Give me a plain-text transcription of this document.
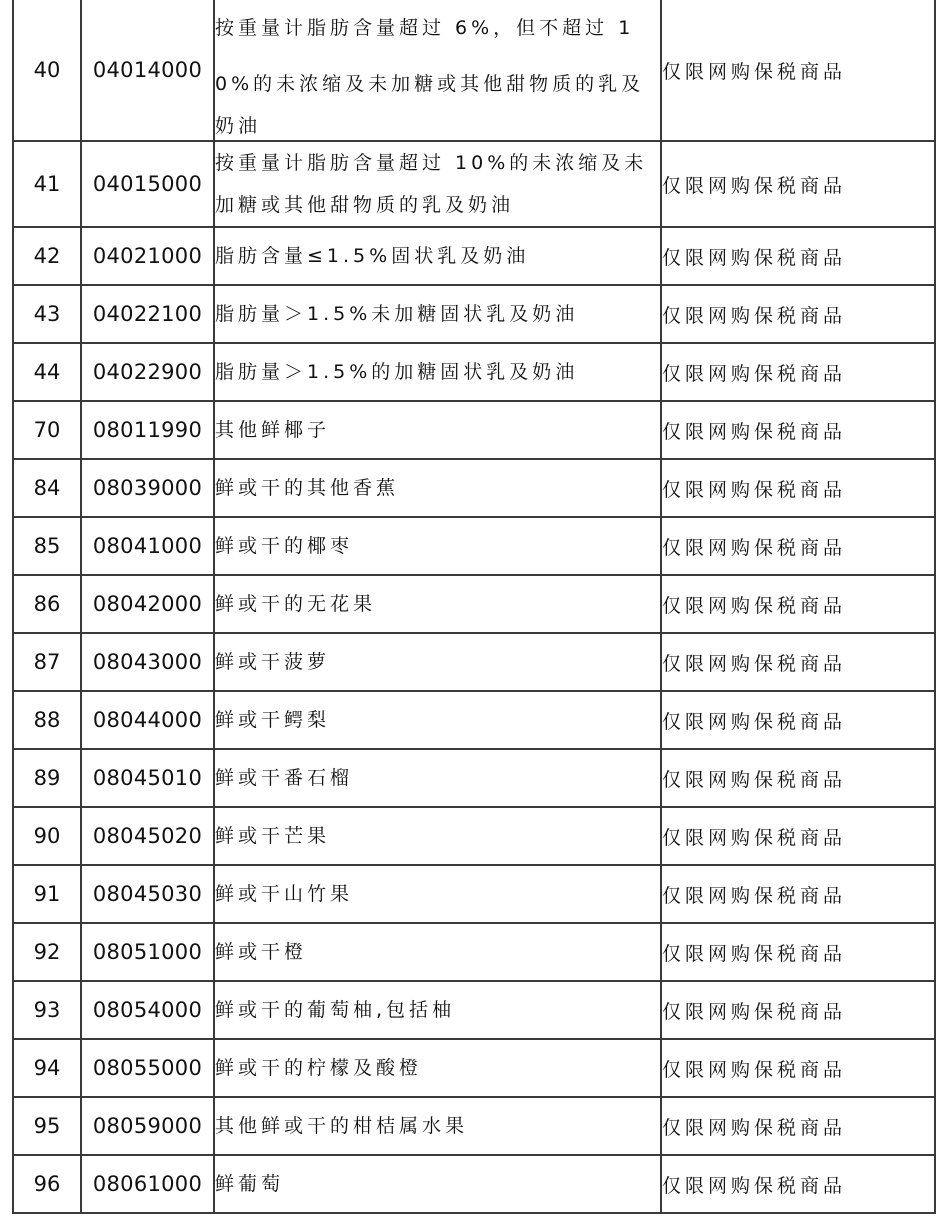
40	04014000	按重量计脂肪含量超过 6%，但不超过 1
0%的未浓缩及未加糖或其他甜物质的乳及
奶油	仅限网购保税商品
41	04015000	按重量计脂肪含量超过 10%的未浓缩及未
加糖或其他甜物质的乳及奶油	仅限网购保税商品
42	04021000	脂肪含量≤1.5%固状乳及奶油	仅限网购保税商品
43	04022100	脂肪量＞1.5%未加糖固状乳及奶油	仅限网购保税商品
44	04022900	脂肪量＞1.5%的加糖固状乳及奶油	仅限网购保税商品
70	08011990	其他鲜椰子	仅限网购保税商品
84	08039000	鲜或干的其他香蕉	仅限网购保税商品
85	08041000	鲜或干的椰枣	仅限网购保税商品
86	08042000	鲜或干的无花果	仅限网购保税商品
87	08043000	鲜或干菠萝	仅限网购保税商品
88	08044000	鲜或干鳄梨	仅限网购保税商品
89	08045010	鲜或干番石榴	仅限网购保税商品
90	08045020	鲜或干芒果	仅限网购保税商品
91	08045030	鲜或干山竹果	仅限网购保税商品
92	08051000	鲜或干橙	仅限网购保税商品
93	08054000	鲜或干的葡萄柚,包括柚	仅限网购保税商品
94	08055000	鲜或干的柠檬及酸橙	仅限网购保税商品
95	08059000	其他鲜或干的柑桔属水果	仅限网购保税商品
96	08061000	鲜葡萄	仅限网购保税商品
